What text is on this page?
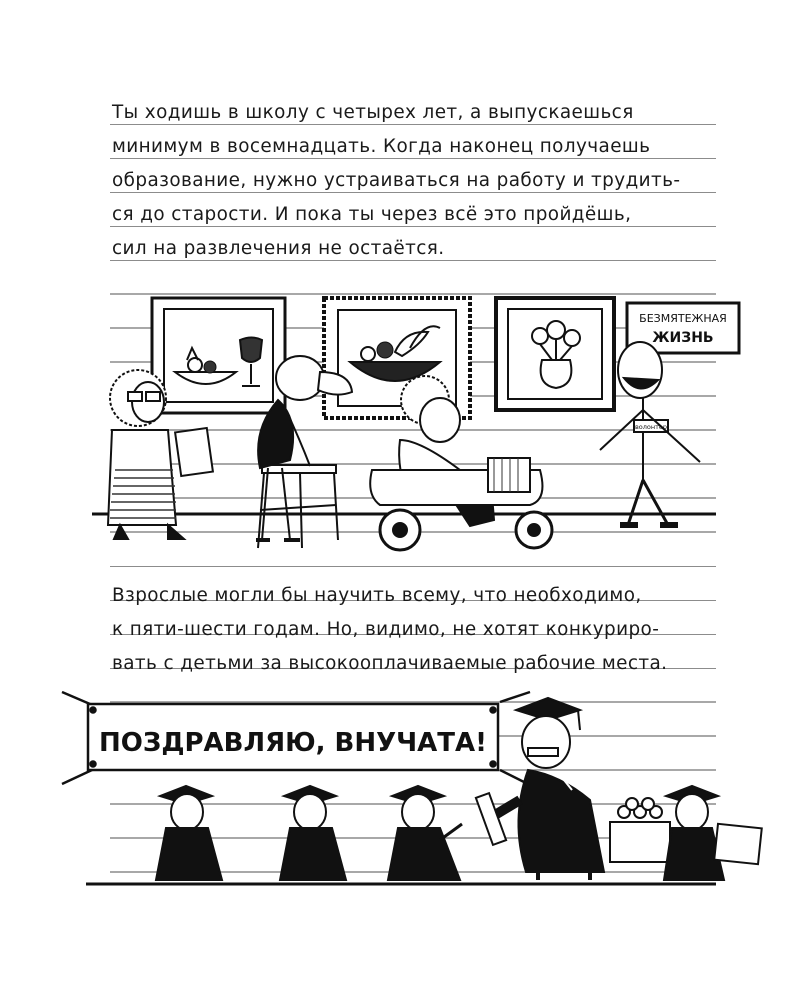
Ты ходишь в школу с четырех лет, а выпускаешься
минимум в восемнадцать. Когда наконец получаешь
образование, нужно устраиваться на работу и трудить-
ся до старости. И пока ты через всё это пройдёшь,
сил на развлечения не остаётся.
БЕЗМЯТЕЖНАЯ
ЖИЗНЬ
волонтер
Взрослые могли бы научить всему, что необходимо,
к пяти-шести годам. Но, видимо, не хотят конкуриро-
вать с детьми за высокооплачиваемые рабочие места.
ПОЗДРАВЛЯЮ, ВНУЧАТА!
